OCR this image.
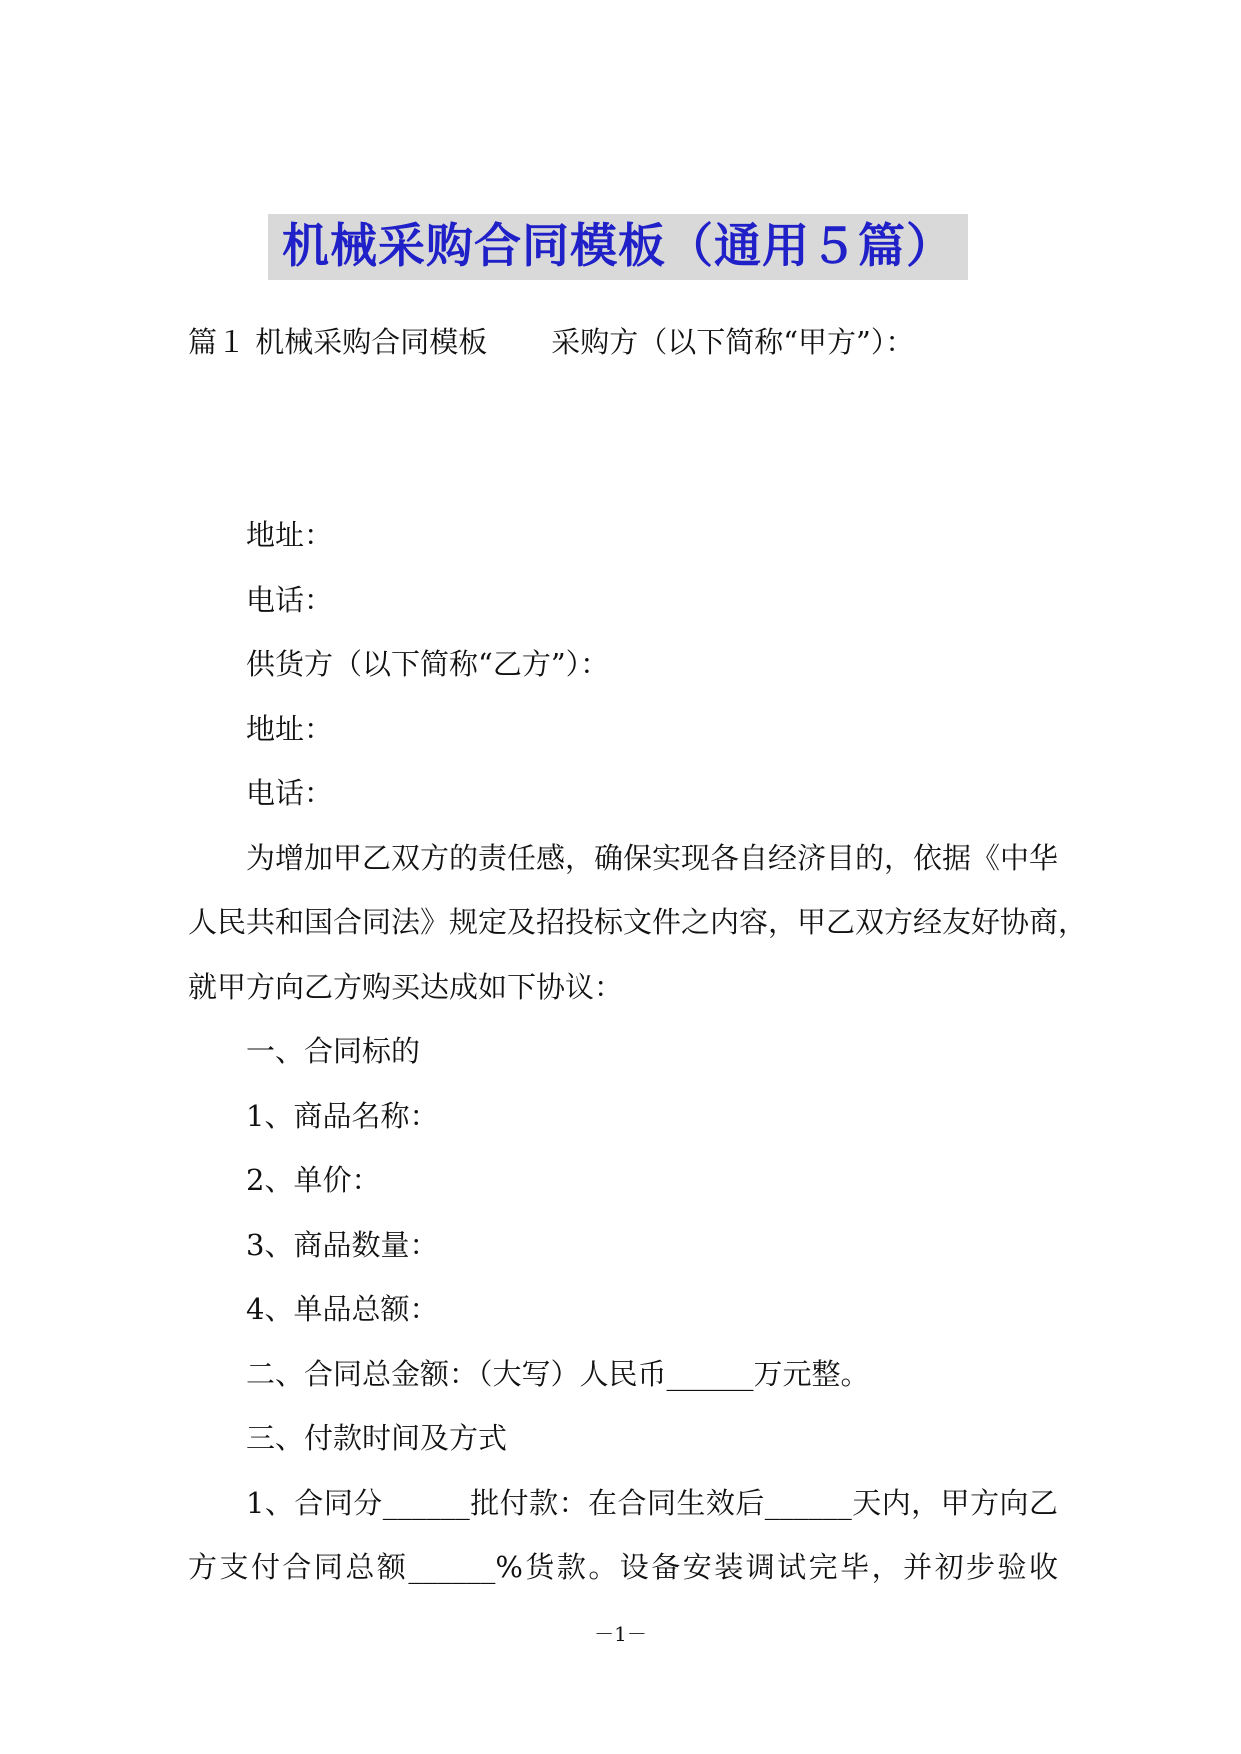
机械采购合同模板（通用５篇）
篇１ 机械采购合同模板 采购方（以下简称“甲方”）：
地址：
电话：
供货方（以下简称“乙方”）：
地址：
电话：
为增加甲乙双方的责任感，确保实现各自经济目的，依据《中华
人民共和国合同法》规定及招投标文件之内容，甲乙双方经友好协商，
就甲方向乙方购买达成如下协议：
一、合同标的
1、商品名称：
2、单价：
3、商品数量：
4、单品总额：
二、合同总金额：（大写）人民币______万元整。
三、付款时间及方式
1、合同分______批付款：在合同生效后______天内，甲方向乙
方支付合同总额______%货款。设备安装调试完毕，并初步验收
－1－
